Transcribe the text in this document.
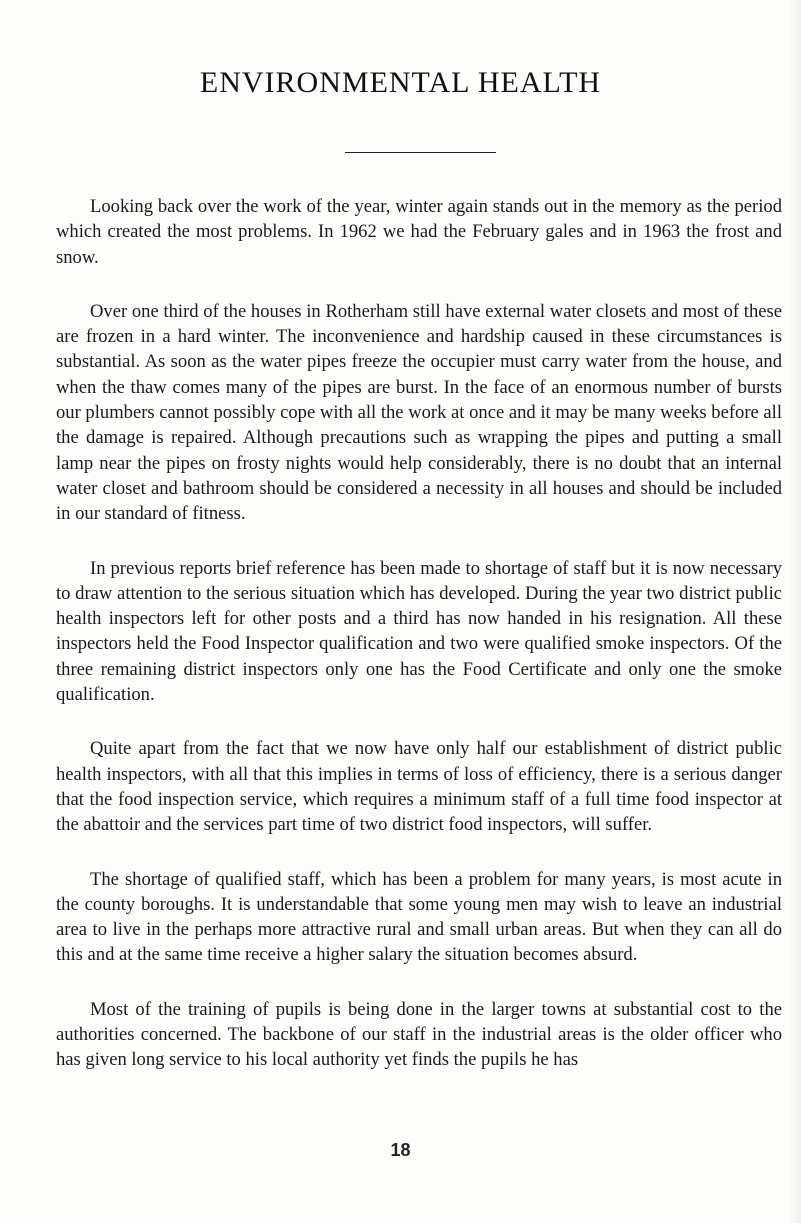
ENVIRONMENTAL HEALTH

Looking back over the work of the year, winter again stands out in the memory as the period which created the most problems. In 1962 we had the February gales and in 1963 the frost and snow.

Over one third of the houses in Rotherham still have external water closets and most of these are frozen in a hard winter. The inconvenience and hardship caused in these circumstances is substantial. As soon as the water pipes freeze the occupier must carry water from the house, and when the thaw comes many of the pipes are burst. In the face of an enormous number of bursts our plumbers cannot possibly cope with all the work at once and it may be many weeks before all the damage is repaired. Although precautions such as wrapping the pipes and putting a small lamp near the pipes on frosty nights would help considerably, there is no doubt that an internal water closet and bathroom should be considered a necessity in all houses and should be included in our standard of fitness.

In previous reports brief reference has been made to shortage of staff but it is now necessary to draw attention to the serious situation which has developed. During the year two district public health inspectors left for other posts and a third has now handed in his resignation. All these inspectors held the Food Inspector qualification and two were qualified smoke inspectors. Of the three remaining district inspectors only one has the Food Certificate and only one the smoke qualification.

Quite apart from the fact that we now have only half our establishment of district public health inspectors, with all that this implies in terms of loss of efficiency, there is a serious danger that the food inspection service, which requires a minimum staff of a full time food inspector at the abattoir and the services part time of two district food inspectors, will suffer.

The shortage of qualified staff, which has been a problem for many years, is most acute in the county boroughs. It is understandable that some young men may wish to leave an industrial area to live in the perhaps more attractive rural and small urban areas. But when they can all do this and at the same time receive a higher salary the situation becomes absurd.

Most of the training of pupils is being done in the larger towns at substantial cost to the authorities concerned. The backbone of our staff in the industrial areas is the older officer who has given long service to his local authority yet finds the pupils he has

18
